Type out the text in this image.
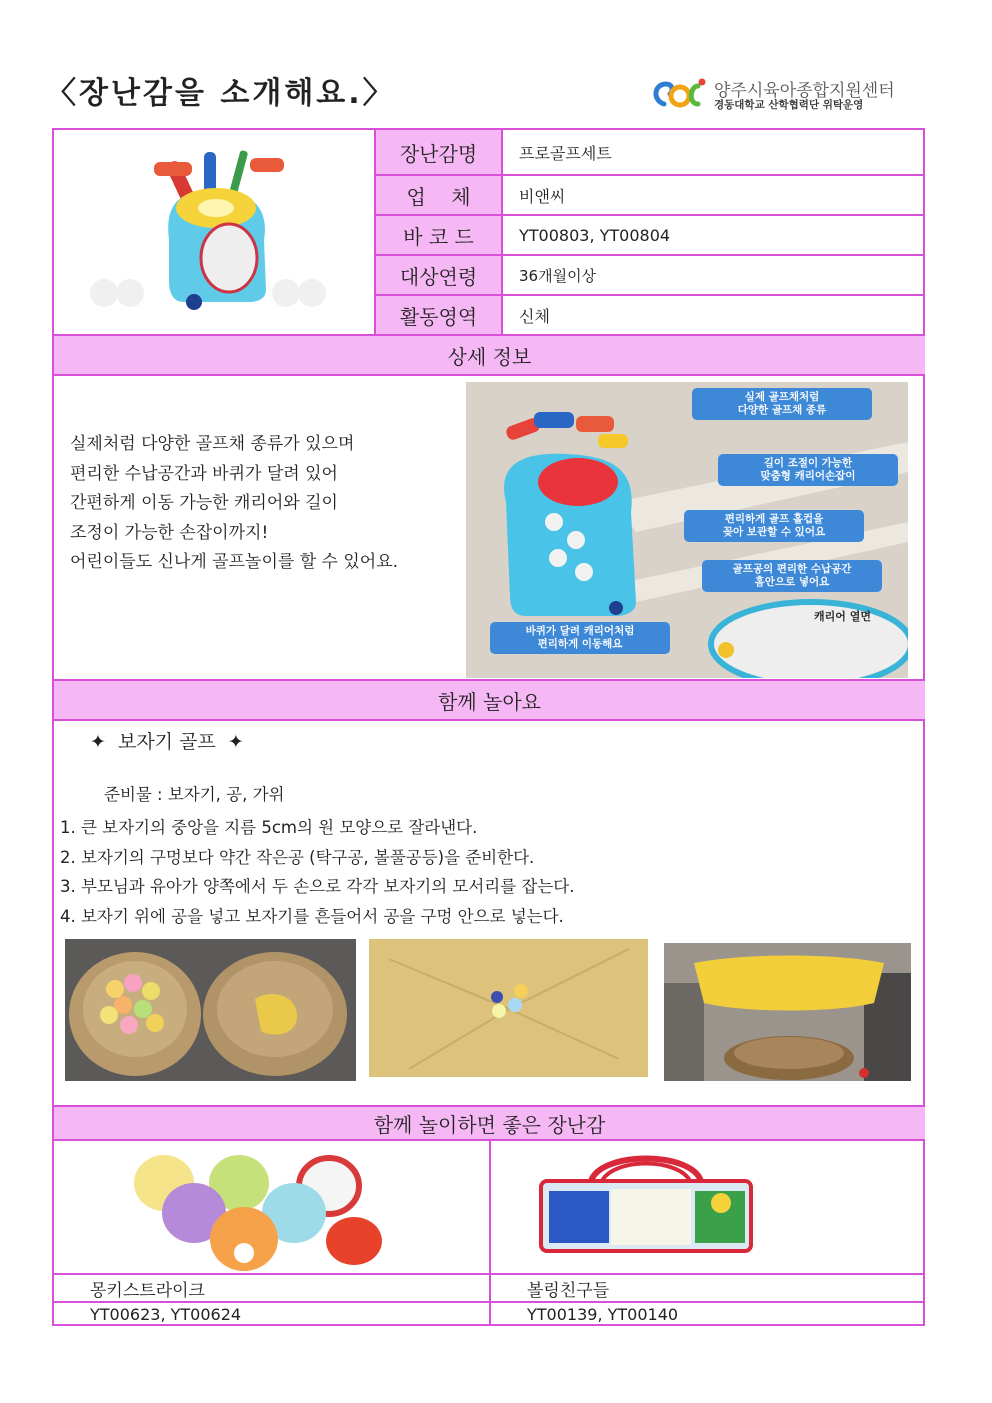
〈장난감을 소개해요.〉	양주시육아종합지원센터
경동대학교 산학협력단 위탁운영
장난감명	프로골프세트
업    체	비앤씨
바 코 드	YT00803, YT00804
대상연령	36개월이상
활동영역	신체
상세 정보
실제처럼 다양한 골프채 종류가 있으며
편리한 수납공간과 바퀴가 달려 있어
간편하게 이동 가능한 캐리어와 길이
조정이 가능한 손잡이까지!
어린이들도 신나게 골프놀이를 할 수 있어요.
실제 골프채처럼
다양한 골프채 종류
길이 조절이 가능한
맞춤형 캐리어손잡이
편리하게 골프 홀컵을
꽂아 보관할 수 있어요
골프공의 편리한 수납공간
홈안으로 넣어요
바퀴가 달려 캐리어처럼
편리하게 이동해요
캐리어 열면
함께 놀아요
✦ 보자기 골프 ✦
준비물 : 보자기, 공, 가위
1. 큰 보자기의 중앙을 지름 5cm의 원 모양으로 잘라낸다.
2. 보자기의 구멍보다 약간 작은공 (탁구공, 볼풀공등)을 준비한다.
3. 부모님과 유아가 양쪽에서 두 손으로 각각 보자기의 모서리를 잡는다.
4. 보자기 위에 공을 넣고 보자기를 흔들어서 공을 구멍 안으로 넣는다.
함께 놀이하면 좋은 장난감
몽키스트라이크	볼링친구들
YT00623, YT00624	YT00139, YT00140
